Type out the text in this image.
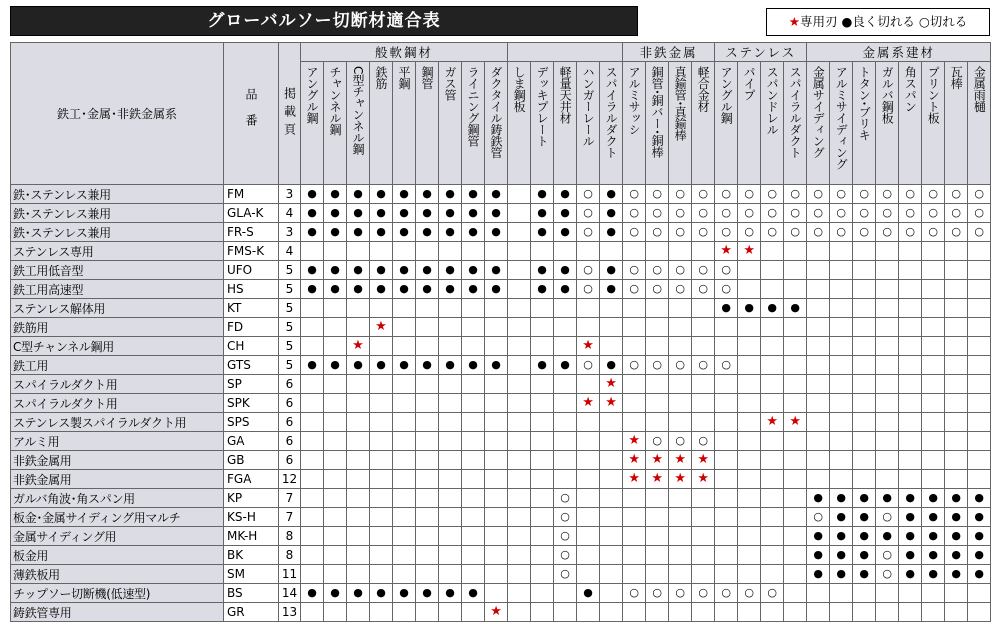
グローバルソー切断材適合表	★専用刃 ●良く切れる ○切れる
鉄工･金属･非鉄金属系	品番	掲載頁	般軟鋼材														非鉄金属				ステンレス				金属系建材							
			アングル鋼	チャンネル鋼	C型チャンネル鋼	鉄筋	平鋼	鋼管	ガス管	ライニング鋼管	ダクタイル鋳鉄管	しま鋼板	デッキプレート	軽量天井材	ハンガーレール	スパイラルダクト	アルミサッシ	銅管･銅バー･銅棒	真鍮管･真鍮棒	軽合金材	アングル鋼	パイプ	スパンドレル	スパイラルダクト	金属サイディング	アルミサイディング	トタン･ブリキ	ガルバ鋼板	角スパン	プリント板	瓦棒	金属雨樋
鉄･ステンレス兼用	FM	3	●	●	●	●	●	●	●	●	●		●	●	○	●	○	○	○	○	○	○	○	○	○	○	○	○	○	○	○	○
鉄･ステンレス兼用	GLA-K	4	●	●	●	●	●	●	●	●	●		●	●	○	●	○	○	○	○	○	○	○	○	○	○	○	○	○	○	○	○
鉄･ステンレス兼用	FR-S	3	●	●	●	●	●	●	●	●	●		●	●	○	●	○	○	○	○	○	○	○	○	○	○	○	○	○	○	○	○
ステンレス専用	FMS-K	4																			★	★										
鉄工用低音型	UFO	5	●	●	●	●	●	●	●	●	●		●	●	○	●	○	○	○	○	○											
鉄工用高速型	HS	5	●	●	●	●	●	●	●	●	●		●	●	○	●	○	○	○	○	○											
ステンレス解体用	KT	5																			●	●	●	●								
鉄筋用	FD	5				★																										
C型チャンネル鋼用	CH	5			★										★																	
鉄工用	GTS	5	●	●	●	●	●	●	●	●	●		●	●	○	●	○	○	○	○	○											
スパイラルダクト用	SP	6														★																
スパイラルダクト用	SPK	6													★	★																
ステンレス製スパイラルダクト用	SPS	6																					★	★								
アルミ用	GA	6															★	○	○	○												
非鉄金属用	GB	6															★	★	★	★												
非鉄金属用	FGA	12															★	★	★	★												
ガルバ角波･角スパン用	KP	7												○											●	●	●	●	●	●	●	●
板金･金属サイディング用マルチ	KS-H	7												○											○	●	●	○	●	●	●	●
金属サイディング用	MK-H	8												○											●	●	●	●	●	●	●	●
板金用	BK	8												○											●	●	●	○	●	●	●	●
薄鉄板用	SM	11												○											●	●	●	○	●	●	●	●
チップソー切断機(低速型)	BS	14	●	●	●	●	●	●	●	●					●		○	○	○	○	○	○	○									
鋳鉄管専用	GR	13									★																					
